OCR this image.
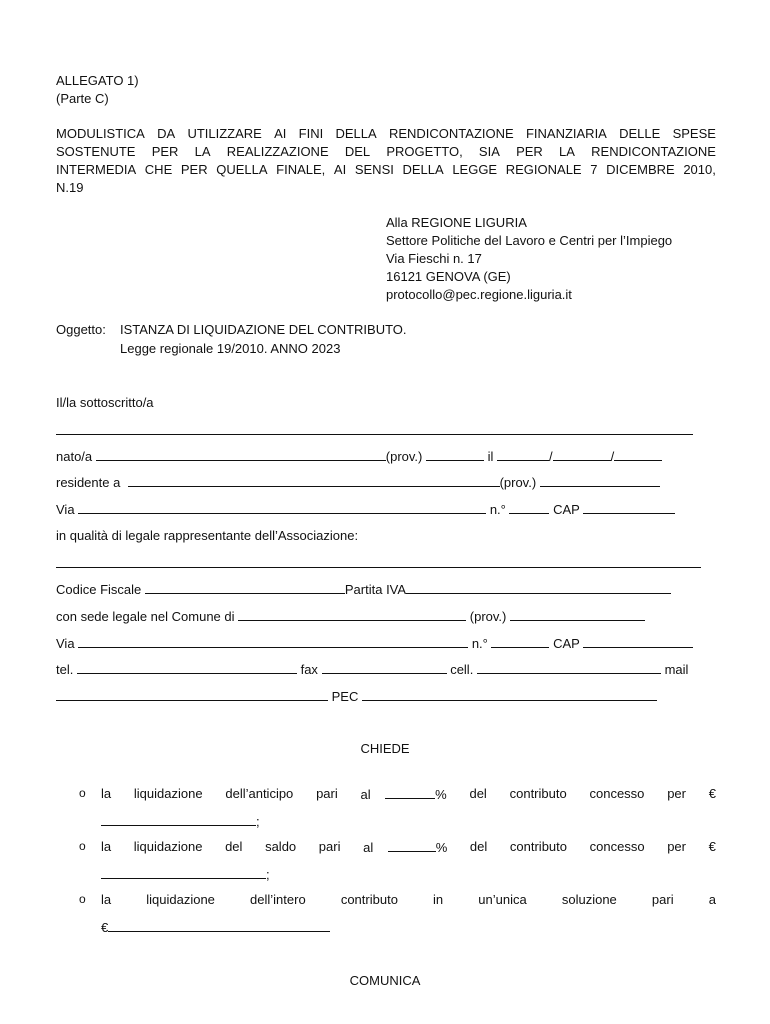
ALLEGATO 1)
(Parte C)
MODULISTICA DA UTILIZZARE AI FINI DELLA RENDICONTAZIONE FINANZIARIA DELLE SPESE
SOSTENUTE PER LA REALIZZAZIONE DEL PROGETTO, SIA PER LA RENDICONTAZIONE
INTERMEDIA CHE PER QUELLA FINALE, AI SENSI DELLA LEGGE REGIONALE 7 DICEMBRE 2010,
N.19
Alla REGIONE LIGURIA
Settore Politiche del Lavoro e Centri per l’Impiego
Via Fieschi n. 17
16121 GENOVA (GE)
protocollo@pec.regione.liguria.it
Oggetto: ISTANZA DI LIQUIDAZIONE DEL CONTRIBUTO.
Legge regionale 19/2010. ANNO 2023
Il/la sottoscritto/a
nato/a	(prov.)	il	/	/
residente a	(prov.)
Via	n.°	CAP
in qualità di legale rappresentante dell’Associazione:
Codice Fiscale	Partita IVA
con sede legale nel Comune di	(prov.)
Via	n.°	CAP
tel.	fax	cell.	mail
PEC
CHIEDE
o la liquidazione dell’anticipo pari al	% del contributo concesso per €
;
o la liquidazione del saldo pari al	% del contributo concesso per €
;
o la	liquidazione	dell’intero	contributo	in	un’unica	soluzione	pari	a
€
COMUNICA
